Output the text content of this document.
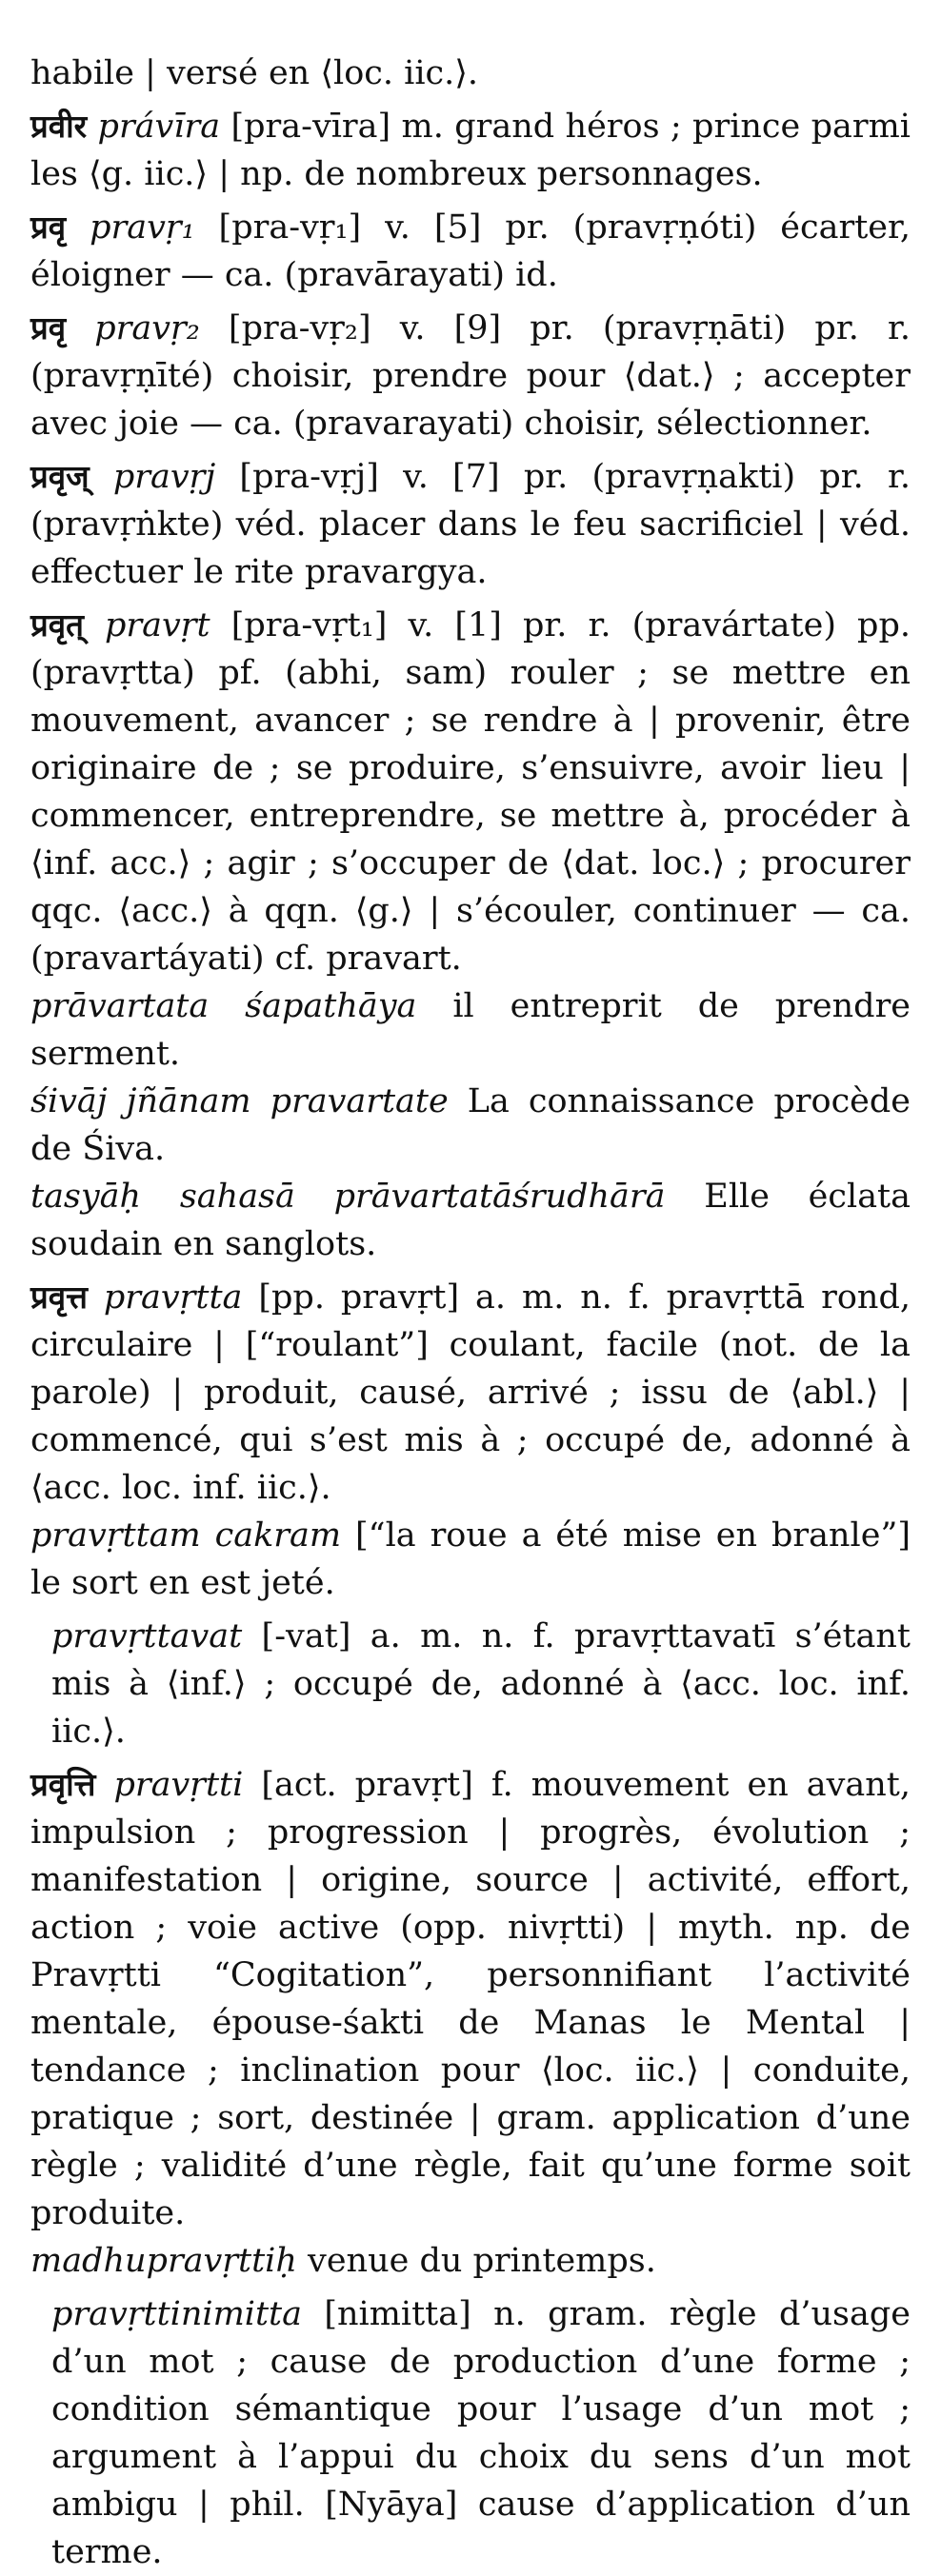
habile | versé en ⟨loc. iic.⟩.

प्रवीर právīra [pra-vīra] m. grand héros ; prince parmi les ⟨g. iic.⟩ | np. de nombreux personnages.

प्रवृ pravṛ₁ [pra-vṛ₁] v. [5] pr. (pravṛṇóti) écarter, éloigner — ca. (pravārayati) id.

प्रवृ pravṛ₂ [pra-vṛ₂] v. [9] pr. (pravṛṇāti) pr. r. (pravṛṇīté) choisir, prendre pour ⟨dat.⟩ ; accepter avec joie — ca. (pravarayati) choisir, sélectionner.

प्रवृज् pravṛj [pra-vṛj] v. [7] pr. (pravṛṇakti) pr. r. (pravṛṅkte) véd. placer dans le feu sacrificiel | véd. effectuer le rite pravargya.

प्रवृत् pravṛt [pra-vṛt₁] v. [1] pr. r. (pravártate) pp. (pravṛtta) pf. (abhi, sam) rouler ; se mettre en mouvement, avancer ; se rendre à | provenir, être originaire de ; se produire, s’ensuivre, avoir lieu | commencer, entreprendre, se mettre à, procéder à ⟨inf. acc.⟩ ; agir ; s’occuper de ⟨dat. loc.⟩ ; procurer qqc. ⟨acc.⟩ à qqn. ⟨g.⟩ | s’écouler, continuer — ca. (pravartáyati) cf. pravart.

prāvartata śapathāya il entreprit de prendre serment.

śivāj jñānam pravartate La connaissance procède de Śiva.

tasyāḥ sahasā prāvartatāśrudhārā Elle éclata soudain en sanglots.

प्रवृत्त pravṛtta [pp. pravṛt] a. m. n. f. pravṛttā rond, circulaire | [“roulant”] coulant, facile (not. de la parole) | produit, causé, arrivé ; issu de ⟨abl.⟩ | commencé, qui s’est mis à ; occupé de, adonné à ⟨acc. loc. inf. iic.⟩.

pravṛttam cakram [“la roue a été mise en branle”] le sort en est jeté.

pravṛttavat [-vat] a. m. n. f. pravṛttavatī s’étant mis à ⟨inf.⟩ ; occupé de, adonné à ⟨acc. loc. inf. iic.⟩.

प्रवृत्ति pravṛtti [act. pravṛt] f. mouvement en avant, impulsion ; progression | progrès, évolution ; manifestation | origine, source | activité, effort, action ; voie active (opp. nivṛtti) | myth. np. de Pravṛtti “Cogitation”, personnifiant l’activité mentale, épouse-śakti de Manas le Mental | tendance ; inclination pour ⟨loc. iic.⟩ | conduite, pratique ; sort, destinée | gram. application d’une règle ; validité d’une règle, fait qu’une forme soit produite.

madhupravṛttiḥ venue du printemps.

pravṛttinimitta [nimitta] n. gram. règle d’usage d’un mot ; cause de production d’une forme ; condition sémantique pour l’usage d’un mot ; argument à l’appui du choix du sens d’un mot ambigu | phil. [Nyāya] cause d’application d’un terme.
